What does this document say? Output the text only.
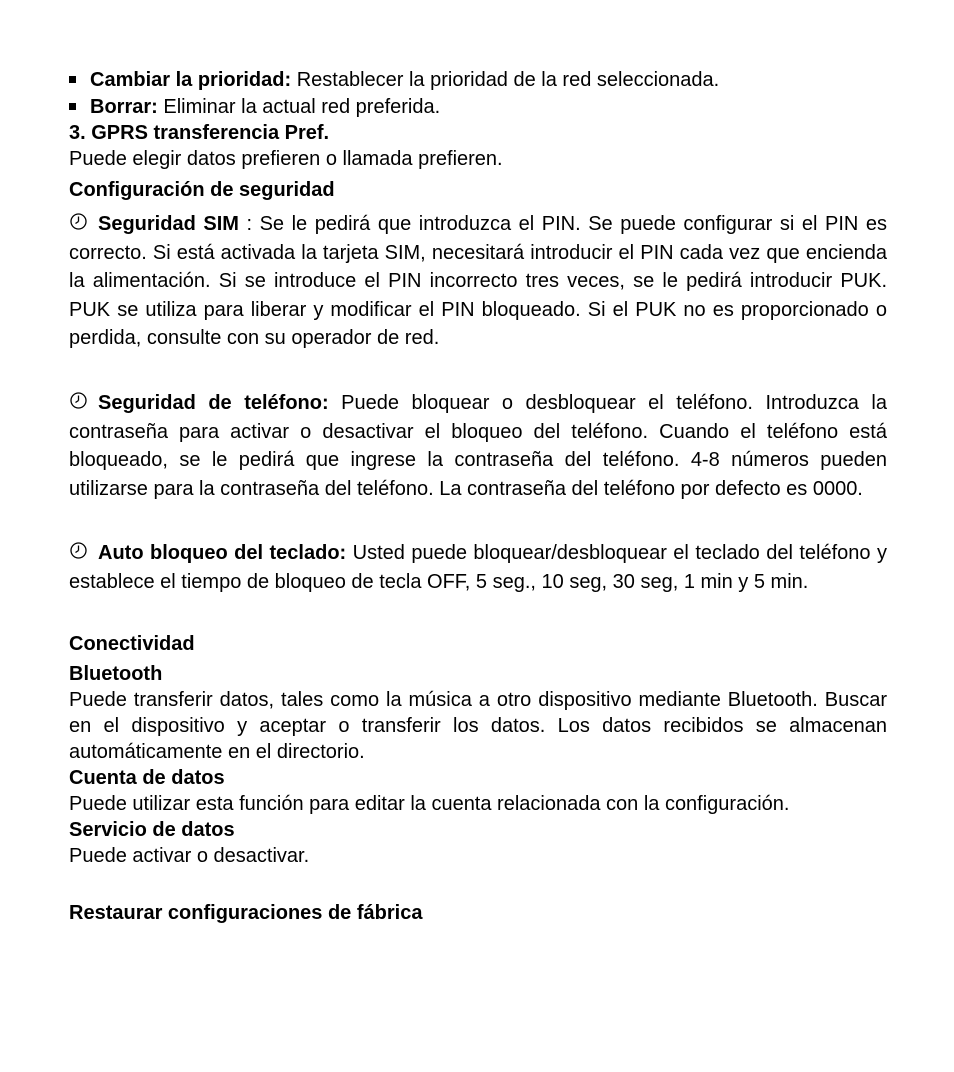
Cambiar la prioridad: Restablecer la prioridad de la red seleccionada.
Borrar: Eliminar la actual red preferida.
3. GPRS transferencia Pref.
Puede elegir datos prefieren o llamada prefieren.
Configuración de seguridad
Seguridad SIM : Se le pedirá que introduzca el PIN. Se puede configurar si el PIN es correcto. Si está activada la tarjeta SIM, necesitará introducir el PIN cada vez que encienda la alimentación. Si se introduce el PIN incorrecto tres veces, se le pedirá introducir PUK. PUK se utiliza para liberar y modificar el PIN bloqueado. Si el PUK no es proporcionado o perdida, consulte con su operador de red.
Seguridad de teléfono: Puede bloquear o desbloquear el teléfono. Introduzca la contraseña para activar o desactivar el bloqueo del teléfono. Cuando el teléfono está bloqueado, se le pedirá que ingrese la contraseña del teléfono. 4-8 números pueden utilizarse para la contraseña del teléfono. La contraseña del teléfono por defecto es 0000.
Auto bloqueo del teclado: Usted puede bloquear/desbloquear el teclado del teléfono y establece el tiempo de bloqueo de tecla OFF, 5 seg., 10 seg, 30 seg, 1 min y 5 min.
Conectividad
Bluetooth
Puede transferir datos, tales como la música a otro dispositivo mediante Bluetooth. Buscar en el dispositivo y aceptar o transferir los datos. Los datos recibidos se almacenan automáticamente en el directorio.
Cuenta de datos
Puede utilizar esta función para editar la cuenta relacionada con la configuración.
Servicio de datos
Puede activar o desactivar.
Restaurar configuraciones de fábrica
